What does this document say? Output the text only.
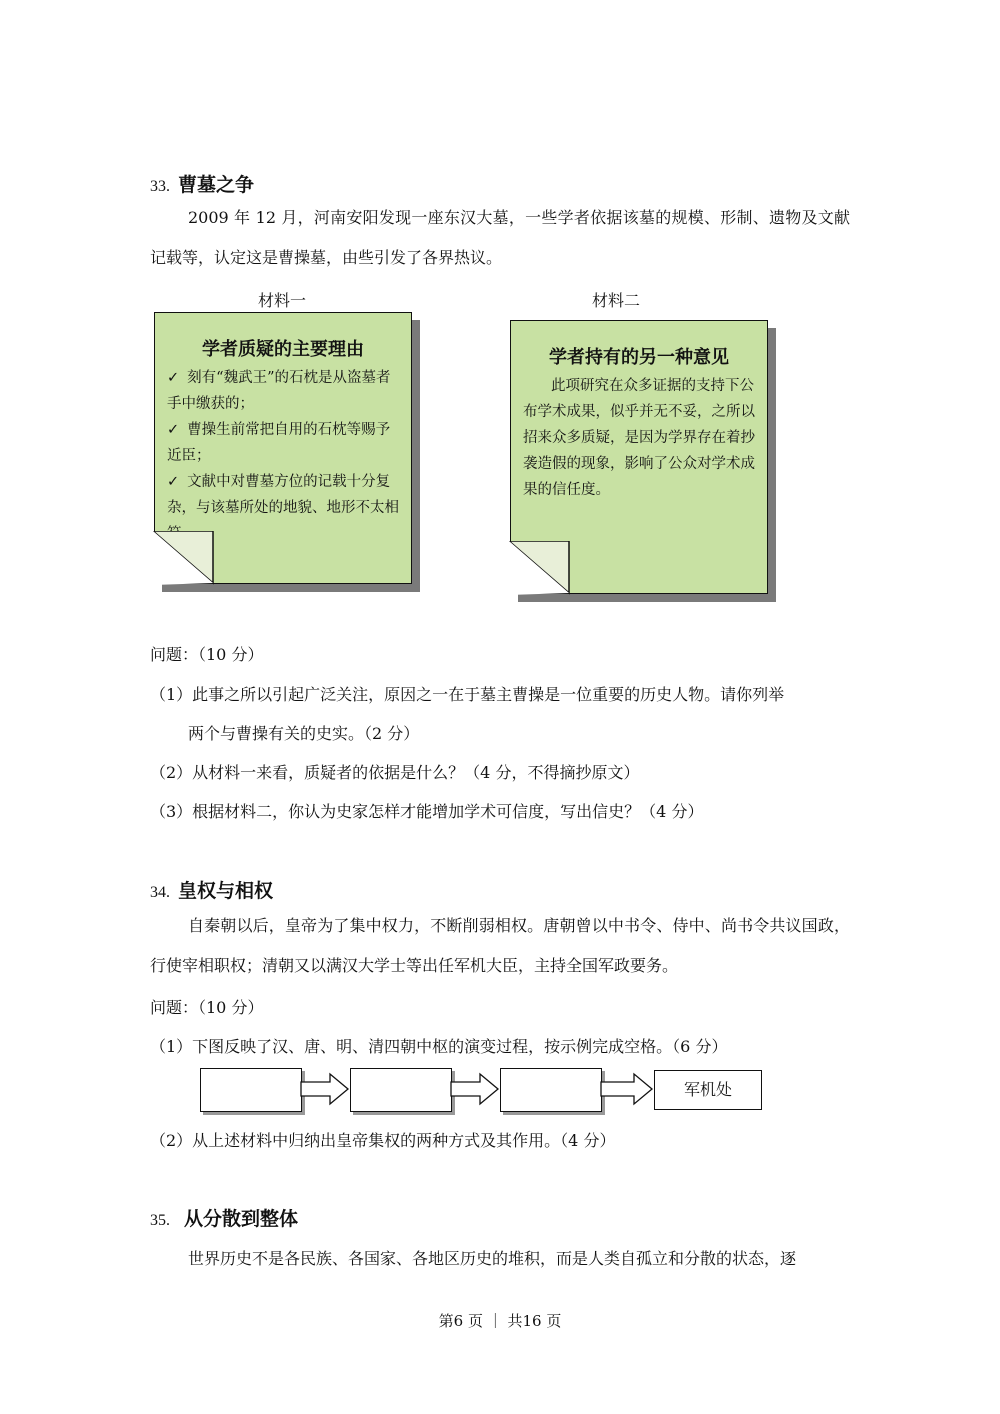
33. 曹墓之争
2009 年 12 月，河南安阳发现一座东汉大墓，一些学者依据该墓的规模、形制、遗物及文献记载等，认定这是曹操墓，由些引发了各界热议。
材料一	材料二
学者质疑的主要理由
✓ 刻有“魏武王”的石枕是从盗墓者手中缴获的；
✓ 曹操生前常把自用的石枕等赐予近臣；
✓ 文献中对曹墓方位的记载十分复杂，与该墓所处的地貌、地形不太相
学者持有的另一种意见
此项研究在众多证据的支持下公布学术成果，似乎并无不妥，之所以招来众多质疑，是因为学界存在着抄袭造假的现象，影响了公众对学术成果的信任度。
问题：（10 分）
（1）此事之所以引起广泛关注，原因之一在于墓主曹操是一位重要的历史人物。请你列举
两个与曹操有关的史实。（2 分）
（2）从材料一来看，质疑者的依据是什么？（4 分，不得摘抄原文）
（3）根据材料二，你认为史家怎样才能增加学术可信度，写出信史？（4 分）
34. 皇权与相权
自秦朝以后，皇帝为了集中权力，不断削弱相权。唐朝曾以中书令、侍中、尚书令共议国政，行使宰相职权；清朝又以满汉大学士等出任军机大臣，主持全国军政要务。
问题：（10 分）
（1）下图反映了汉、唐、明、清四朝中枢的演变过程，按示例完成空格。（6 分）
军机处
（2）从上述材料中归纳出皇帝集权的两种方式及其作用。（4 分）
35. 从分散到整体
世界历史不是各民族、各国家、各地区历史的堆积，而是人类自孤立和分散的状态，逐
第6 页 ｜ 共16 页
